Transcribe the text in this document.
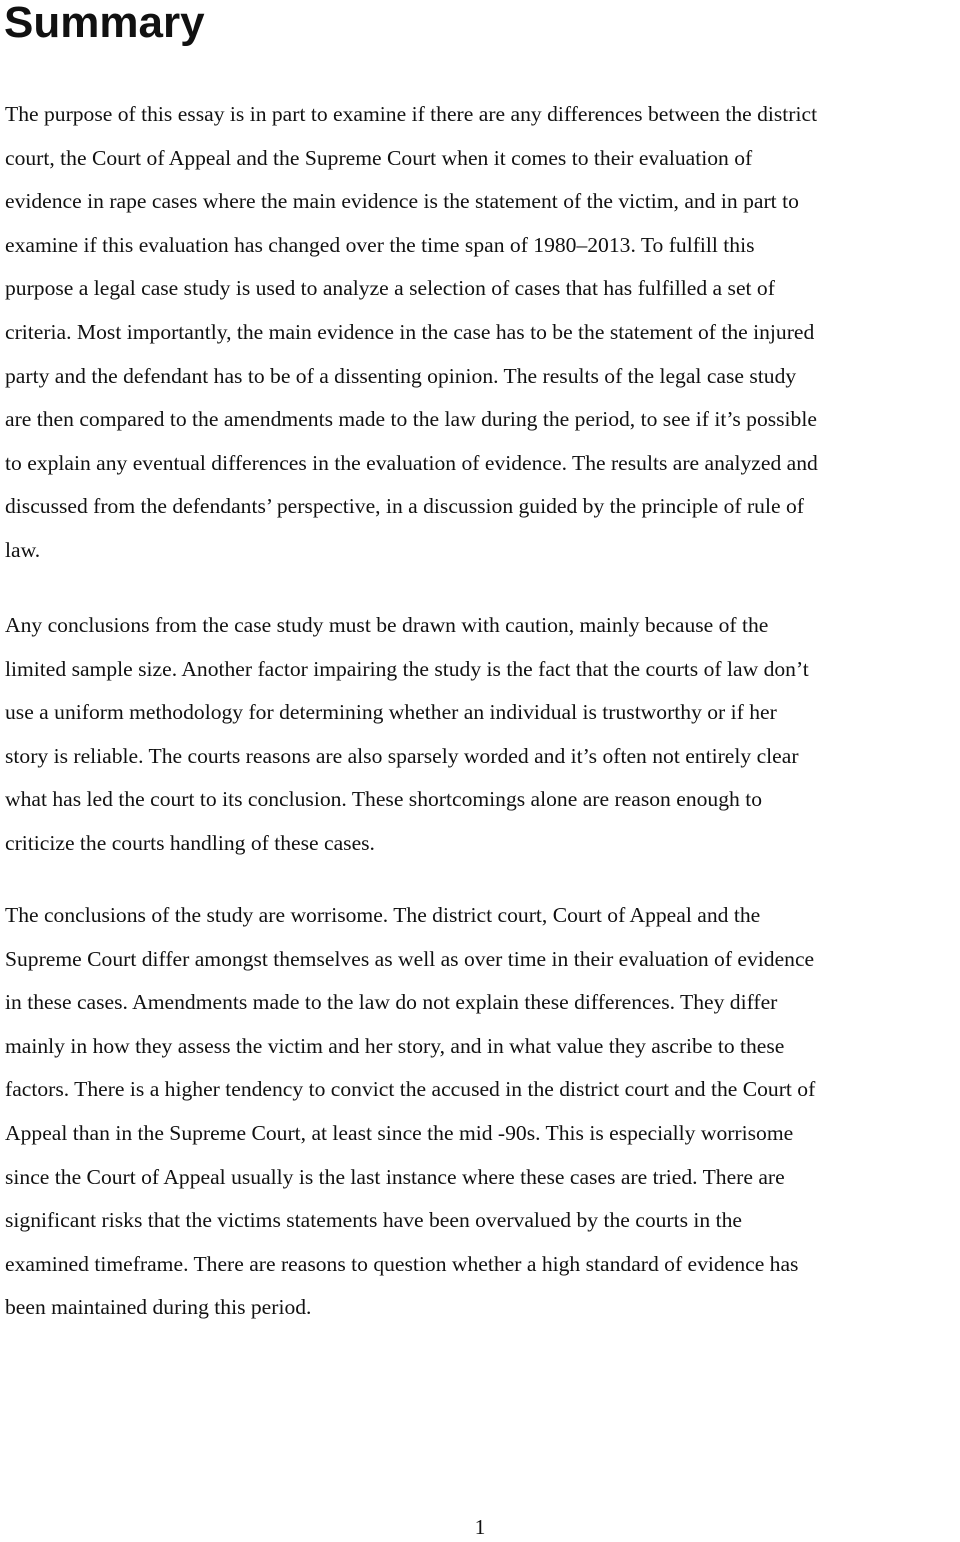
Summary

The purpose of this essay is in part to examine if there are any differences between the district
court, the Court of Appeal and the Supreme Court when it comes to their evaluation of
evidence in rape cases where the main evidence is the statement of the victim, and in part to
examine if this evaluation has changed over the time span of 1980–2013. To fulfill this
purpose a legal case study is used to analyze a selection of cases that has fulfilled a set of
criteria. Most importantly, the main evidence in the case has to be the statement of the injured
party and the defendant has to be of a dissenting opinion. The results of the legal case study
are then compared to the amendments made to the law during the period, to see if it’s possible
to explain any eventual differences in the evaluation of evidence. The results are analyzed and
discussed from the defendants’ perspective, in a discussion guided by the principle of rule of
law.

Any conclusions from the case study must be drawn with caution, mainly because of the
limited sample size. Another factor impairing the study is the fact that the courts of law don’t
use a uniform methodology for determining whether an individual is trustworthy or if her
story is reliable. The courts reasons are also sparsely worded and it’s often not entirely clear
what has led the court to its conclusion. These shortcomings alone are reason enough to
criticize the courts handling of these cases.

The conclusions of the study are worrisome. The district court, Court of Appeal and the
Supreme Court differ amongst themselves as well as over time in their evaluation of evidence
in these cases. Amendments made to the law do not explain these differences. They differ
mainly in how they assess the victim and her story, and in what value they ascribe to these
factors. There is a higher tendency to convict the accused in the district court and the Court of
Appeal than in the Supreme Court, at least since the mid -90s. This is especially worrisome
since the Court of Appeal usually is the last instance where these cases are tried. There are
significant risks that the victims statements have been overvalued by the courts in the
examined timeframe. There are reasons to question whether a high standard of evidence has
been maintained during this period.

1
